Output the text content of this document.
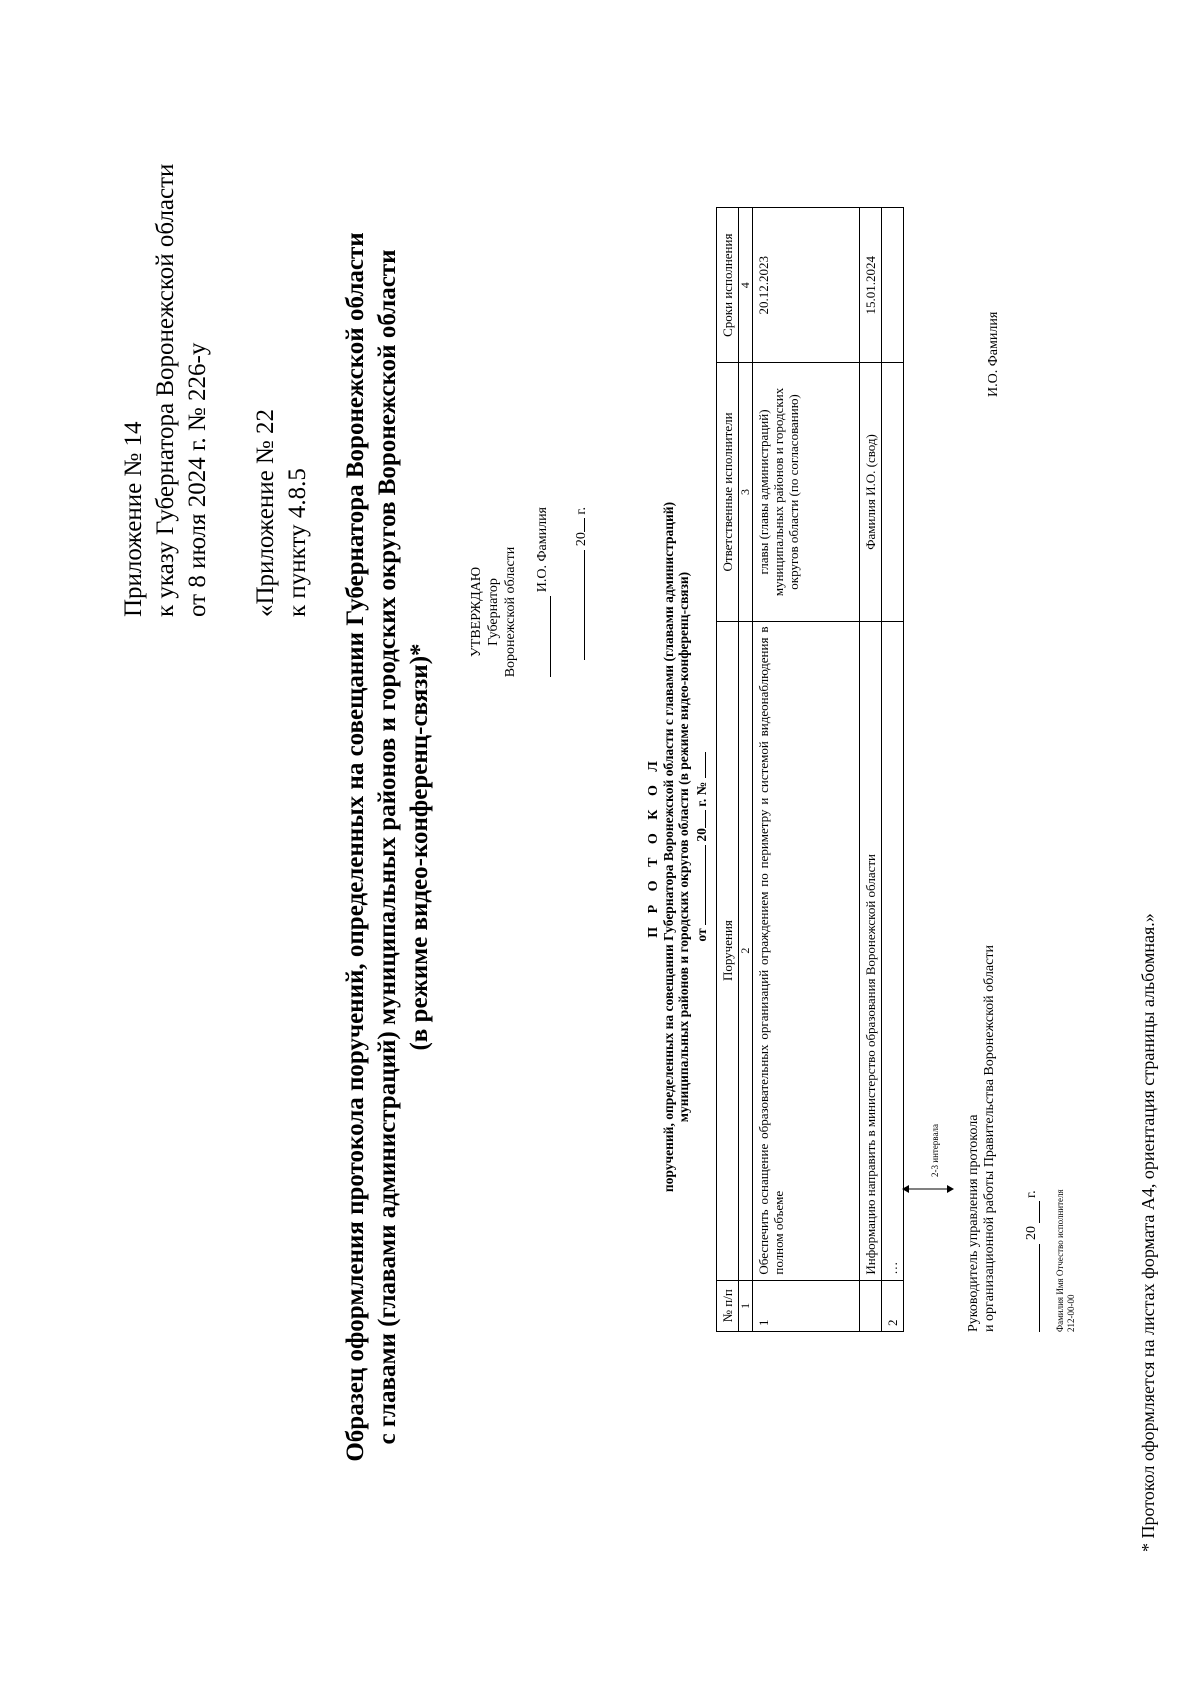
Приложение № 14 к указу Губернатора Воронежской области от 8 июля 2024 г. № 226-у «Приложение № 22 к пункту 4.8.5 Образец оформления протокола поручений, определенных на совещании Губернатора Воронежской области с главами (главами администраций) муниципальных районов и городских округов Воронежской области (в режиме видео-конференц-связи)*
УТВЕРЖДАЮ Губернатор Воронежской области И.О. Фамилия 20 г.
П Р О Т О К О Л поручений, определенных на совещании Губернатора Воронежской области с главами (главами администраций) муниципальных районов и городских округов области (в режиме видео-конференц-связи) от  20 г. №
№ п/п	Поручения	Ответственные исполнители	Сроки исполнения
1	2	3	4
1	Обеспечить оснащение образовательных организаций ограждением по периметру и системой видеонаблюдения в полном объеме	главы (главы администраций) муниципальных районов и городских округов области (по согласованию)	20.12.2023
	Информацию направить в министерство образования Воронежской области	Фамилия И.О. (свод)	15.01.2024
2	…		
2-3 интервала Руководитель управления протокола и организационной работы Правительства Воронежской области
И.О. Фамилия
20
г. Фамилия Имя Отчество исполнителя 212-00-00	* Протокол оформляется на листах формата А4, ориентация страницы альбомная.»
